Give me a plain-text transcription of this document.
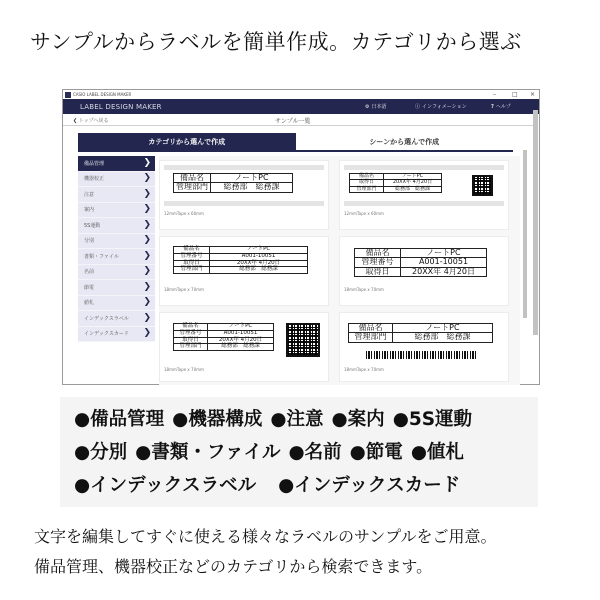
サンプルからラベルを簡単作成。カテゴリから選ぶ
CASIO LABEL DESIGN MAKER	–	□ ×
LABEL DESIGN MAKER	⚙ 日本語	ⓘ インフォメーション	? ヘルプ
❮ トップへ戻る	サンプル一覧
カテゴリから選んで作成	シーンから選んで作成
備品管理	❯
機器校正	❯
注意	❯
案内	❯
5S運動	❯
分別	❯
書類・ファイル	❯
名前	❯
節電	❯
値札	❯
インデックスラベル ❯
インデックスカード ❯
備品名	ノートPC
管理部門	総務部　総務課
12mmTape x 60mm
備品名	ノートPC
取得日	20XX年 4月20日
管理部門	総務部　総務課
12mmTape x 60mm
備品名	ノートPC
管理番号	A001-10051
取得日	20XX年 4月20日
管理部門	総務部　総務課
18mmTape x 70mm
備品名	ノートPC
管理番号	A001-10051
取得日	20XX年 4月20日
18mmTape x 70mm
備品名	ノートPC
管理番号	A001-10051
取得日	20XX年 4月20日
管理部門	総務部　総務課
18mmTape x 70mm
備品名	ノートPC
管理部門	総務部　総務課
18mmTape x 70mm
● 備品管理 ● 機器構成 ● 注意 ● 案内 ● 5S運動
● 分別 ● 書類・ファイル ● 名前 ● 節電 ● 値札
● インデックスラベル ● インデックスカード
文字を編集してすぐに使える様々なラベルのサンプルをご用意。
備品管理、機器校正などのカテゴリから検索できます。
